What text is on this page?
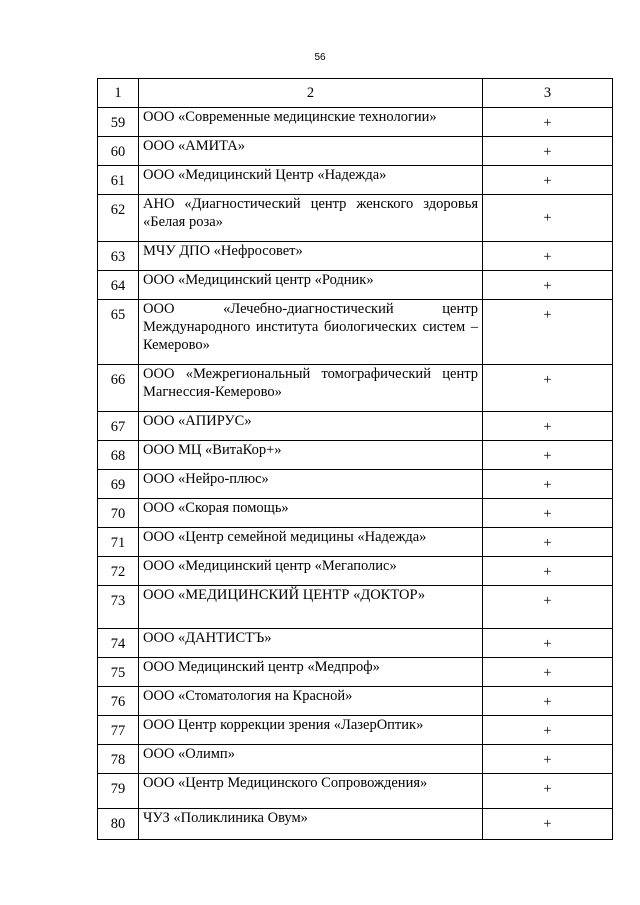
56
1	2	3
59	ООО «Современные медицинские технологии»	+
60	ООО «АМИТА»	+
61	ООО «Медицинский Центр «Надежда»	+
62	АНО «Диагностический центр женского здоровья «Белая роза»	+
63	МЧУ ДПО «Нефросовет»	+
64	ООО «Медицинский центр «Родник»	+
65	ООО «Лечебно-диагностический центр Международного института биологических систем – Кемерово»	+
66	ООО «Межрегиональный томографический центр Магнессия-Кемерово»	+
67	ООО «АПИРУС»	+
68	ООО МЦ «ВитаКор+»	+
69	ООО «Нейро-плюс»	+
70	ООО «Скорая помощь»	+
71	ООО «Центр семейной медицины «Надежда»	+
72	ООО «Медицинский центр «Мегаполис»	+
73	ООО «МЕДИЦИНСКИЙ ЦЕНТР «ДОКТОР»	+
74	ООО «ДАНТИСТЪ»	+
75	ООО Медицинский центр «Медпроф»	+
76	ООО «Стоматология на Красной»	+
77	ООО Центр коррекции зрения «ЛазерОптик»	+
78	ООО «Олимп»	+
79	ООО «Центр Медицинского Сопровождения»	+
80	ЧУЗ «Поликлиника Овум»	+
